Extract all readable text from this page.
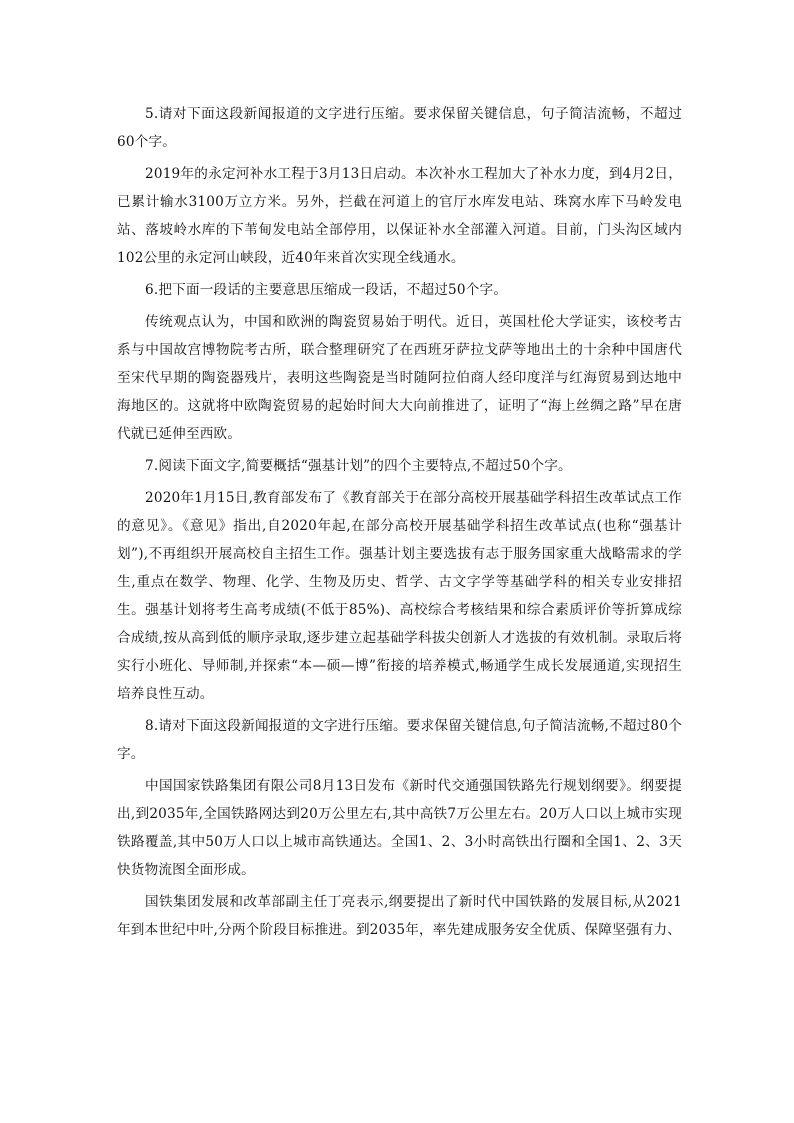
5.请对下面这段新闻报道的文字进行压缩。要求保留关键信息，句子简洁流畅，不超过60个字。

2019年的永定河补水工程于3月13日启动。本次补水工程加大了补水力度，到4月2日，已累计输水3100万立方米。另外，拦截在河道上的官厅水库发电站、珠窝水库下马岭发电站、落坡岭水库的下苇甸发电站全部停用，以保证补水全部灌入河道。目前，门头沟区域内102公里的永定河山峡段，近40年来首次实现全线通水。

6.把下面一段话的主要意思压缩成一段话，不超过50个字。

传统观点认为，中国和欧洲的陶瓷贸易始于明代。近日，英国杜伦大学证实，该校考古系与中国故宫博物院考古所，联合整理研究了在西班牙萨拉戈萨等地出土的十余种中国唐代至宋代早期的陶瓷器残片，表明这些陶瓷是当时随阿拉伯商人经印度洋与红海贸易到达地中海地区的。这就将中欧陶瓷贸易的起始时间大大向前推进了，证明了“海上丝绸之路”早在唐代就已延伸至西欧。

7.阅读下面文字,简要概括“强基计划”的四个主要特点,不超过50个字。

2020年1月15日,教育部发布了《教育部关于在部分高校开展基础学科招生改革试点工作的意见》。《意见》指出,自2020年起,在部分高校开展基础学科招生改革试点(也称“强基计划”),不再组织开展高校自主招生工作。强基计划主要选拔有志于服务国家重大战略需求的学生,重点在数学、物理、化学、生物及历史、哲学、古文字学等基础学科的相关专业安排招生。强基计划将考生高考成绩(不低于85%)、高校综合考核结果和综合素质评价等折算成综合成绩,按从高到低的顺序录取,逐步建立起基础学科拔尖创新人才选拔的有效机制。录取后将实行小班化、导师制,并探索“本—硕—博”衔接的培养模式,畅通学生成长发展通道,实现招生培养良性互动。

8.请对下面这段新闻报道的文字进行压缩。要求保留关键信息,句子简洁流畅,不超过80个字。

中国国家铁路集团有限公司8月13日发布《新时代交通强国铁路先行规划纲要》。纲要提出,到2035年,全国铁路网达到20万公里左右,其中高铁7万公里左右。20万人口以上城市实现铁路覆盖,其中50万人口以上城市高铁通达。全国1、2、3小时高铁出行圈和全国1、2、3天快货物流图全面形成。

国铁集团发展和改革部副主任丁亮表示,纲要提出了新时代中国铁路的发展目标,从2021年到本世纪中叶,分两个阶段目标推进。到2035年，率先建成服务安全优质、保障坚强有力、
